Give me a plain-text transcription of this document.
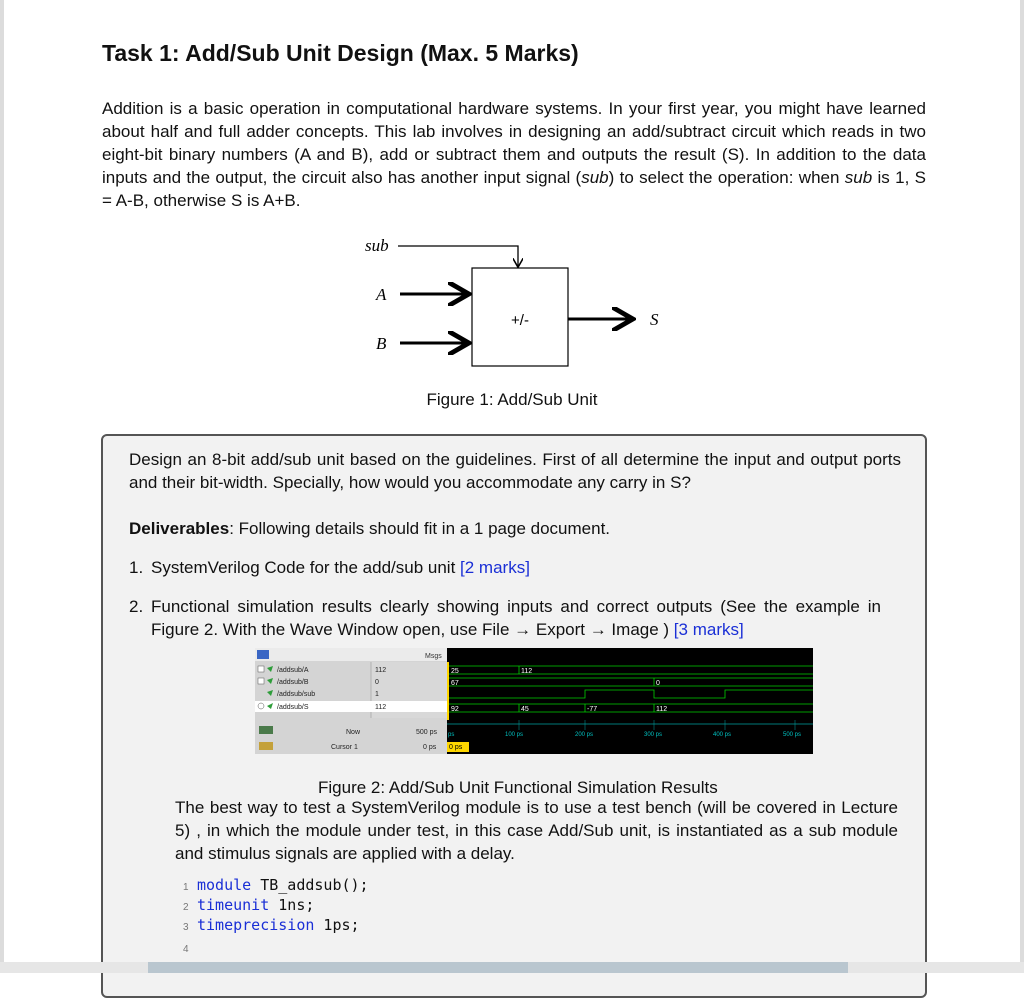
Task 1: Add/Sub Unit Design (Max. 5 Marks)
Addition is a basic operation in computational hardware systems. In your first year, you might have learned about half and full adder concepts. This lab involves in designing an add/subtract circuit which reads in two eight-bit binary numbers (A and B), add or subtract them and outputs the result (S). In addition to the data inputs and the output, the circuit also has another input signal (sub) to select the operation: when sub is 1, S = A-B, otherwise S is A+B.
sub
A
B
+/-	S
Figure 1: Add/Sub Unit
Design an 8-bit add/sub unit based on the guidelines. First of all determine the input and output ports and their bit-width. Specially, how would you accommodate any carry in S?
Deliverables: Following details should fit in a 1 page document.
1. SystemVerilog Code for the add/sub unit [2 marks]
2. Functional simulation results clearly showing inputs and correct outputs (See the example in Figure 2. With the Wave Window open, use File → Export → Image ) [3 marks]
Msgs
/addsub/A	112
/addsub/B	0
/addsub/sub	1
/addsub/S	112
Now	500 ps
Cursor 1	0 ps
25	112
67	0
92	45	-77	112
ps	100 ps	200 ps	300 ps	400 ps	500 ps
0 ps
Figure 2: Add/Sub Unit Functional Simulation Results
The best way to test a SystemVerilog module is to use a test bench (will be covered in Lecture 5) , in which the module under test, in this case Add/Sub unit, is instantiated as a sub module and stimulus signals are applied with a delay.
1 module TB_addsub();
2 timeunit 1ns;
3 timeprecision 1ps;
4
